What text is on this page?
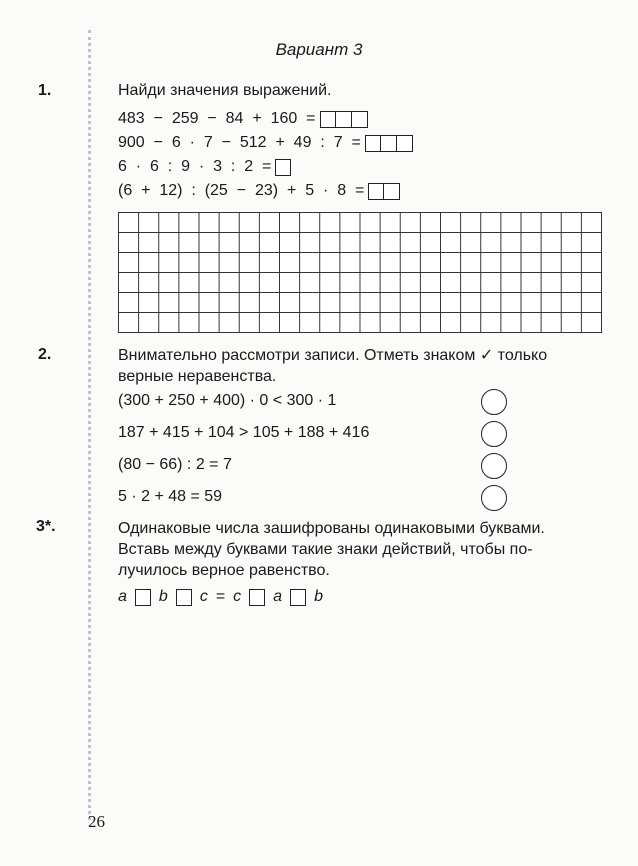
Вариант 3
1.	Найди значения выражений.
483  −  259  −  84  +  160  =
900  −  6  ·  7  −  512  +  49  :  7  =
6  ·  6  :  9  ·  3  :  2  =
(6  +  12)  :  (25  −  23)  +  5  ·  8  =
2.	Внимательно рассмотри записи. Отметь знаком ✓ только
верные неравенства.
(300 + 250 + 400) · 0 < 300 · 1
187 + 415 + 104 > 105 + 188 + 416
(80 − 66) : 2 = 7
5 · 2 + 48 = 59
3*.	Одинаковые числа зашифрованы одинаковыми буквами.
Вставь между буквами такие знаки действий, чтобы по-
лучилось верное равенство.
a b c = c a b
26
